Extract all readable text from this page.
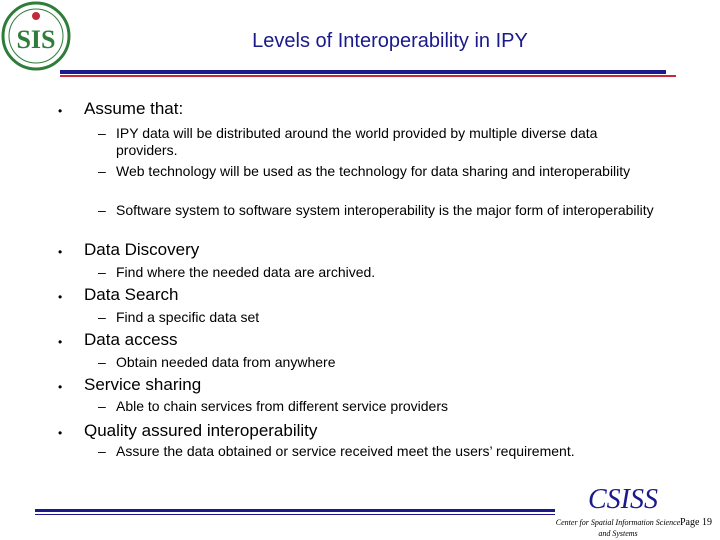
SIS	Levels of Interoperability in IPY
• Assume that:
– IPY data will be distributed around the world provided by multiple diverse data providers.
– Web technology will be used as the technology for data sharing and interoperability
– Software system to software system interoperability is the major form of interoperability
• Data Discovery
– Find where the needed data are archived.
• Data Search
– Find a specific data set
• Data access
– Obtain needed data from anywhere
• Service sharing
– Able to chain services from different service providers
• Quality assured interoperability
– Assure the data obtained or service received meet the users’ requirement.
CSISS
Center for Spatial Information Science and Systems
Page 19
